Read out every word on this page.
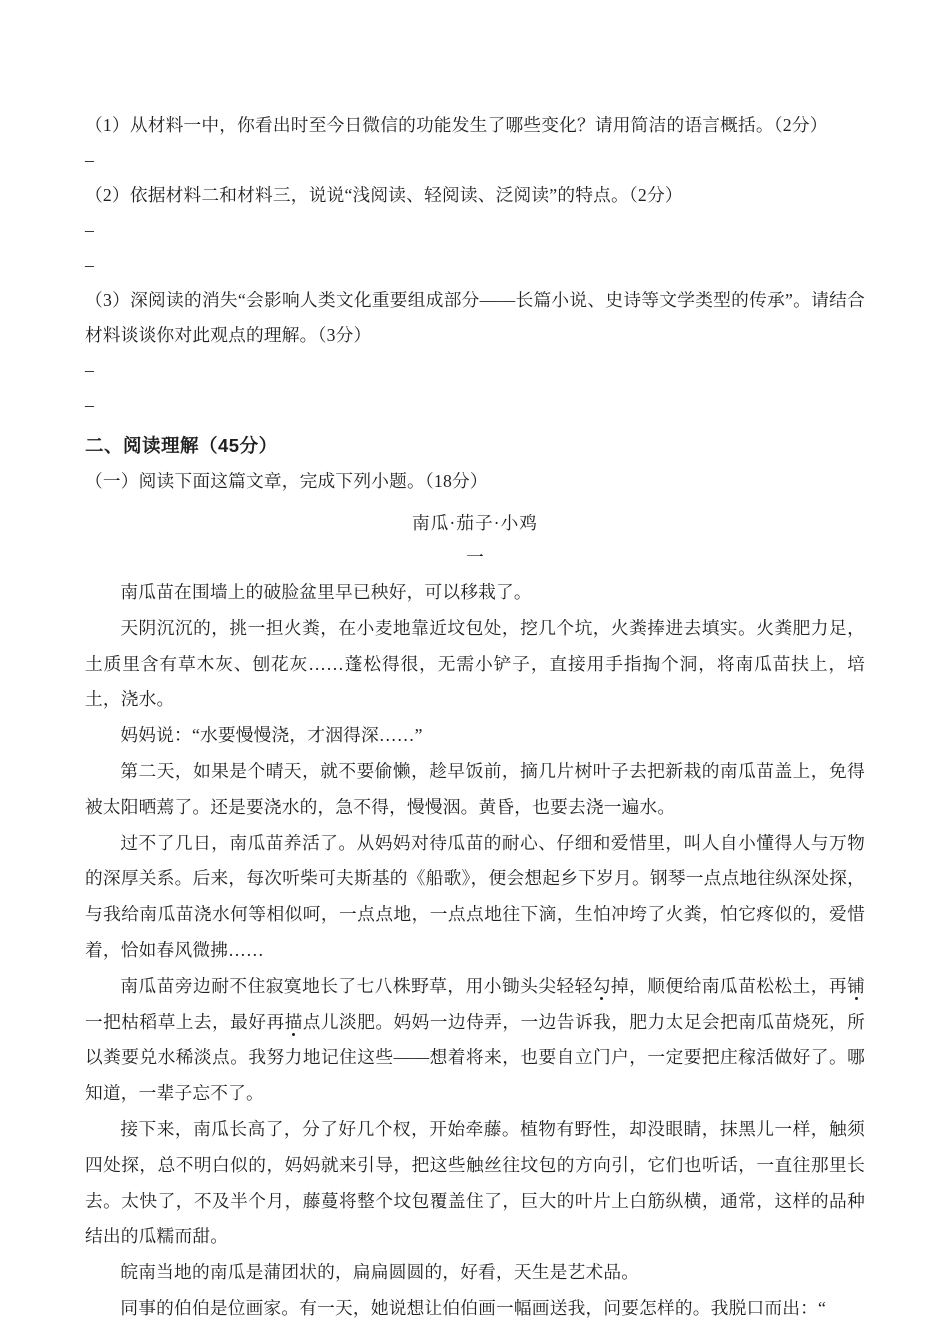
（1）从材料一中，你看出时至今日微信的功能发生了哪些变化？请用简洁的语言概括。（2分）
–
（2）依据材料二和材料三，说说“浅阅读、轻阅读、泛阅读”的特点。（2分）
–
–
（3）深阅读的消失“会影响人类文化重要组成部分——长篇小说、史诗等文学类型的传承”。请结合材料谈谈你对此观点的理解。（3分）
–
–
二、阅读理解（45分）
（一）阅读下面这篇文章，完成下列小题。（18分）
南瓜·茄子·小鸡
一

南瓜苗在围墙上的破脸盆里早已秧好，可以移栽了。

天阴沉沉的，挑一担火粪，在小麦地靠近坟包处，挖几个坑，火粪捧进去填实。火粪肥力足，土质里含有草木灰、刨花灰……蓬松得很，无需小铲子，直接用手指掏个洞，将南瓜苗扶上，培土，浇水。

妈妈说：“水要慢慢浇，才洇得深……”

第二天，如果是个晴天，就不要偷懒，趁早饭前，摘几片树叶子去把新栽的南瓜苗盖上，免得被太阳晒蔫了。还是要浇水的，急不得，慢慢洇。黄昏，也要去浇一遍水。

过不了几日，南瓜苗养活了。从妈妈对待瓜苗的耐心、仔细和爱惜里，叫人自小懂得人与万物的深厚关系。后来，每次听柴可夫斯基的《船歌》，便会想起乡下岁月。钢琴一点点地往纵深处探，与我给南瓜苗浇水何等相似呵，一点点地，一点点地往下滴，生怕冲垮了火粪，怕它疼似的，爱惜着，恰如春风微拂……

南瓜苗旁边耐不住寂寞地长了七八株野草，用小锄头尖轻轻勾掉，顺便给南瓜苗松松土，再铺一把枯稻草上去，最好再描点儿淡肥。妈妈一边侍弄，一边告诉我，肥力太足会把南瓜苗烧死，所以粪要兑水稀淡点。我努力地记住这些——想着将来，也要自立门户，一定要把庄稼活做好了。哪知道，一辈子忘不了。

接下来，南瓜长高了，分了好几个杈，开始牵藤。植物有野性，却没眼睛，抹黑儿一样，触须四处探，总不明白似的，妈妈就来引导，把这些触丝往坟包的方向引，它们也听话，一直往那里长去。太快了，不及半个月，藤蔓将整个坟包覆盖住了，巨大的叶片上白筋纵横，通常，这样的品种结出的瓜糯而甜。

皖南当地的南瓜是蒲团状的，扁扁圆圆的，好看，天生是艺术品。

同事的伯伯是位画家。有一天，她说想让伯伯画一幅画送我，问要怎样的。我脱口而出：“
